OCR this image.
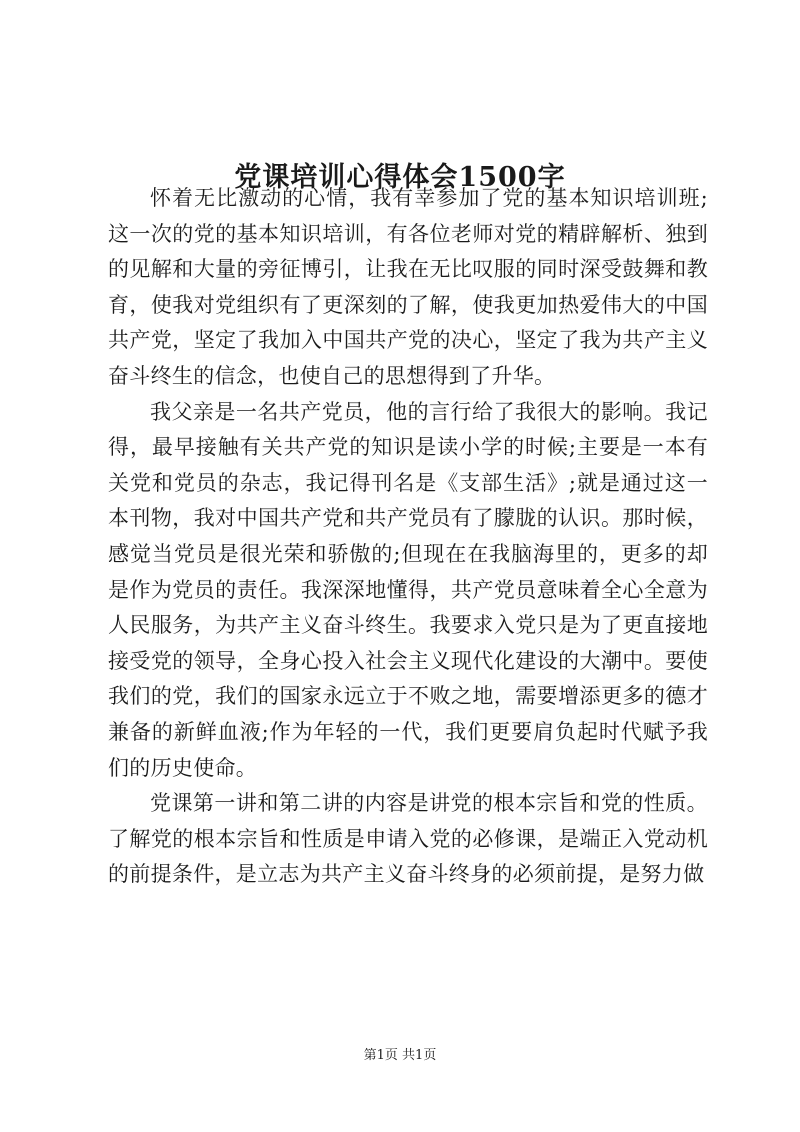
党课培训心得体会1500字

怀着无比激动的心情，我有幸参加了党的基本知识培训班;这一次的党的基本知识培训，有各位老师对党的精辟解析、独到的见解和大量的旁征博引，让我在无比叹服的同时深受鼓舞和教育，使我对党组织有了更深刻的了解，使我更加热爱伟大的中国共产党，坚定了我加入中国共产党的决心，坚定了我为共产主义奋斗终生的信念，也使自己的思想得到了升华。

我父亲是一名共产党员，他的言行给了我很大的影响。我记得，最早接触有关共产党的知识是读小学的时候;主要是一本有关党和党员的杂志，我记得刊名是《支部生活》;就是通过这一本刊物，我对中国共产党和共产党员有了朦胧的认识。那时候，感觉当党员是很光荣和骄傲的;但现在在我脑海里的，更多的却是作为党员的责任。我深深地懂得，共产党员意味着全心全意为人民服务，为共产主义奋斗终生。我要求入党只是为了更直接地接受党的领导，全身心投入社会主义现代化建设的大潮中。要使我们的党，我们的国家永远立于不败之地，需要增添更多的德才兼备的新鲜血液;作为年轻的一代，我们更要肩负起时代赋予我们的历史使命。

党课第一讲和第二讲的内容是讲党的根本宗旨和党的性质。了解党的根本宗旨和性质是申请入党的必修课，是端正入党动机的前提条件，是立志为共产主义奋斗终身的必须前提，是努力做

第1页 共1页
